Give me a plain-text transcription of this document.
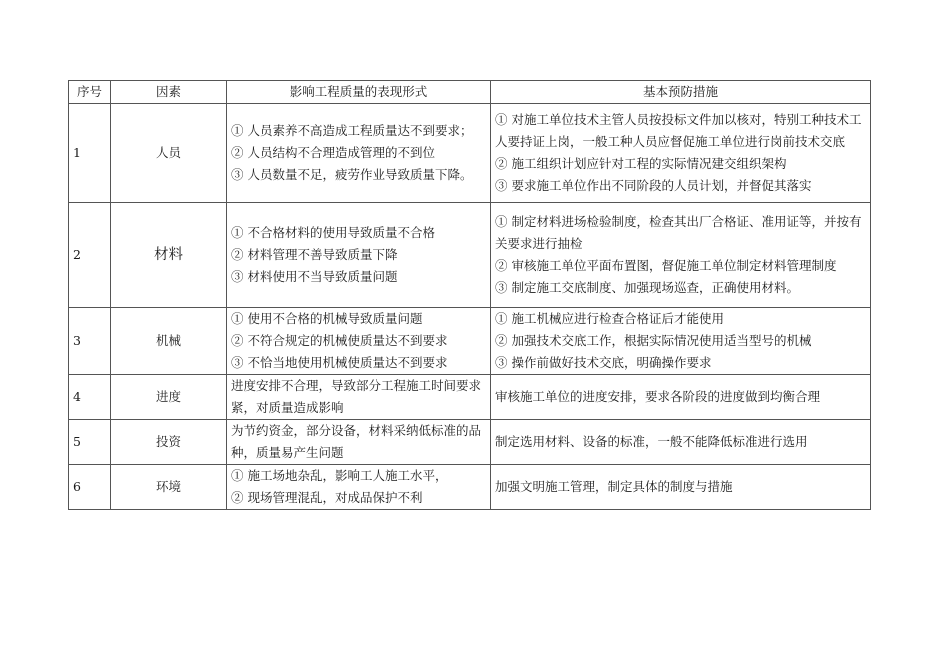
序号	因素	影响工程质量的表现形式	基本预防措施
1	人员	① 人员素养不高造成工程质量达不到要求；
② 人员结构不合理造成管理的不到位
③ 人员数量不足，疲劳作业导致质量下降。	① 对施工单位技术主管人员按投标文件加以核对，特别工种技术工人要持证上岗，一般工种人员应督促施工单位进行岗前技术交底
② 施工组织计划应针对工程的实际情况建交组织架构
③ 要求施工单位作出不同阶段的人员计划，并督促其落实

2	材料	① 不合格材料的使用导致质量不合格
② 材料管理不善导致质量下降
③ 材料使用不当导致质量问题	① 制定材料进场检验制度，检查其出厂合格证、准用证等，并按有关要求进行抽检
② 审核施工单位平面布置图，督促施工单位制定材料管理制度
③ 制定施工交底制度、加强现场巡查，正确使用材料。

3	机械	① 使用不合格的机械导致质量问题
② 不符合规定的机械使质量达不到要求
③ 不恰当地使用机械使质量达不到要求	① 施工机械应进行检查合格证后才能使用
② 加强技术交底工作，根据实际情况使用适当型号的机械
③ 操作前做好技术交底，明确操作要求

4	进度	进度安排不合理，导致部分工程施工时间要求紧，对质量造成影响	审核施工单位的进度安排，要求各阶段的进度做到均衡合理

5	投资	为节约资金，部分设备，材料采纳低标准的品种，质量易产生问题	制定选用材料、设备的标准，一般不能降低标准进行选用

6	环境	① 施工场地杂乱，影响工人施工水平，
② 现场管理混乱，对成品保护不利	加强文明施工管理，制定具体的制度与措施
